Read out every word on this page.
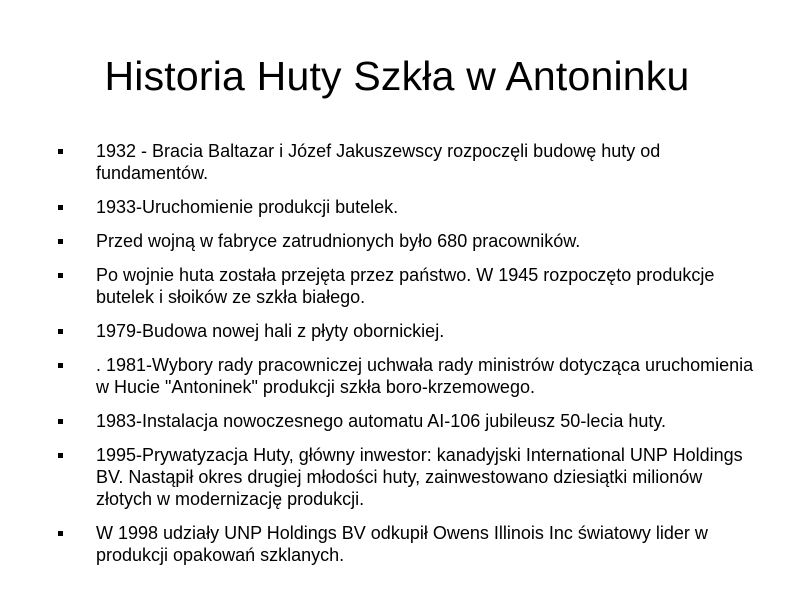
Historia Huty Szkła w Antoninku
1932 - Bracia Baltazar i Józef Jakuszewscy rozpoczęli budowę huty od fundamentów.
1933-Uruchomienie produkcji butelek.
Przed wojną w fabryce zatrudnionych było 680 pracowników.
Po wojnie huta została przejęta przez państwo. W 1945 rozpoczęto produkcje butelek i słoików ze szkła białego.
1979-Budowa nowej hali z płyty obornickiej.
. 1981-Wybory rady pracowniczej uchwała rady ministrów dotycząca uruchomienia w Hucie "Antoninek" produkcji szkła boro-krzemowego.
1983-Instalacja nowoczesnego automatu AI-106 jubileusz 50-lecia huty.
1995-Prywatyzacja Huty, główny inwestor: kanadyjski International UNP Holdings BV. Nastąpił okres drugiej młodości huty, zainwestowano dziesiątki milionów złotych w modernizację produkcji.
W 1998 udziały UNP Holdings BV odkupił Owens Illinois Inc światowy lider w produkcji opakowań szklanych.
